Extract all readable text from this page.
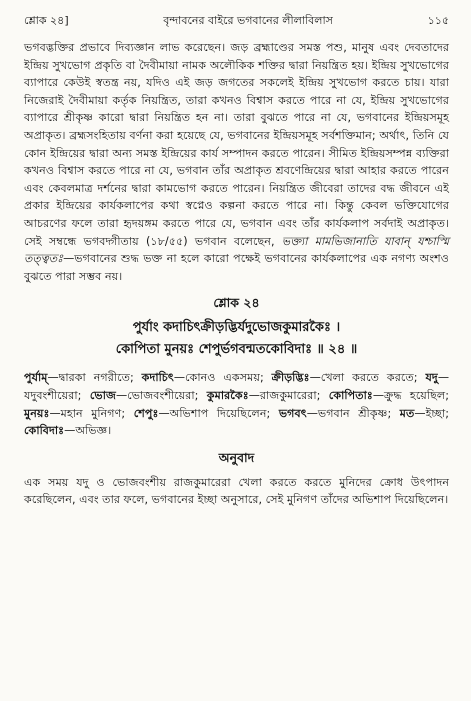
শ্লোক ২৪]	বৃন্দাবনের বাইরে ভগবানের লীলাবিলাস	১১৫

ভগবদ্ভক্তির প্রভাবে দিব্যজ্ঞান লাভ করেছেন। জড় ব্রহ্মাণ্ডের সমস্ত পশু, মানুষ এবং দেবতাদের ইন্দ্রিয় সুখভোগ প্রকৃতি বা দৈবীমায়া নামক অলৌকিক শক্তির দ্বারা নিয়ন্ত্রিত হয়। ইন্দ্রিয় সুখভোগের ব্যাপারে কেউই স্বতন্ত্র নয়, যদিও এই জড় জগতের সকলেই ইন্দ্রিয় সুখভোগ করতে চায়। যারা নিজেরাই দৈবীমায়া কর্তৃক নিয়ন্ত্রিত, তারা কখনও বিশ্বাস করতে পারে না যে, ইন্দ্রিয় সুখভোগের ব্যাপারে শ্রীকৃষ্ণ কারো দ্বারা নিয়ন্ত্রিত হন না। তারা বুঝতে পারে না যে, ভগবানের ইন্দ্রিয়সমূহ অপ্রাকৃত। ব্রহ্মসংহিতায় বর্ণনা করা হয়েছে যে, ভগবানের ইন্দ্রিয়সমূহ সর্বশক্তিমান; অর্থাৎ, তিনি যে কোন ইন্দ্রিয়ের দ্বারা অন্য সমস্ত ইন্দ্রিয়ের কার্য সম্পাদন করতে পারেন। সীমিত ইন্দ্রিয়সম্পন্ন ব্যক্তিরা কখনও বিশ্বাস করতে পারে না যে, ভগবান তাঁর অপ্রাকৃত শ্রবণেন্দ্রিয়ের দ্বারা আহার করতে পারেন এবং কেবলমাত্র দর্শনের দ্বারা কামভোগ করতে পারেন। নিয়ন্ত্রিত জীবেরা তাদের বদ্ধ জীবনে এই প্রকার ইন্দ্রিয়ের কার্যকলাপের কথা স্বপ্নেও কল্পনা করতে পারে না। কিন্তু কেবল ভক্তিযোগের আচরণের ফলে তারা হৃদয়ঙ্গম করতে পারে যে, ভগবান এবং তাঁর কার্যকলাপ সর্বদাই অপ্রাকৃত। সেই সম্বন্ধে ভগবদ্গীতায় (১৮/৫৫) ভগবান বলেছেন, ভক্ত্যা মামভিজানাতি যাবান্ যশ্চাস্মি তত্ত্বতঃ—ভগবানের শুদ্ধ ভক্ত না হলে কারো পক্ষেই ভগবানের কার্যকলাপের এক নগণ্য অংশও বুঝতে পারা সম্ভব নয়।

শ্লোক ২৪
পুর্যাং কদাচিৎক্রীড়দ্ভির্যদুভোজকুমারকৈঃ ।
কোপিতা মুনয়ঃ শেপুর্ভগবন্মতকোবিদাঃ ॥ ২৪ ॥

পুর্যাম্—দ্বারকা নগরীতে; কদাচিৎ—কোনও একসময়; ক্রীড়দ্ভিঃ—খেলা করতে করতে; যদু—যদুবংশীয়েরা; ভোজ—ভোজবংশীয়েরা; কুমারকৈঃ—রাজকুমারেরা; কোপিতাঃ—ক্রুদ্ধ হয়েছিল; মুনয়ঃ—মহান মুনিগণ; শেপুঃ—অভিশাপ দিয়েছিলেন; ভগবৎ—ভগবান শ্রীকৃষ্ণ; মত—ইচ্ছা; কোবিদাঃ—অভিজ্ঞ।

অনুবাদ

এক সময় যদু ও ভোজবংশীয় রাজকুমারেরা খেলা করতে করতে মুনিদের ক্রোধ উৎপাদন করেছিলেন, এবং তার ফলে, ভগবানের ইচ্ছা অনুসারে, সেই মুনিগণ তাঁদের অভিশাপ দিয়েছিলেন।
